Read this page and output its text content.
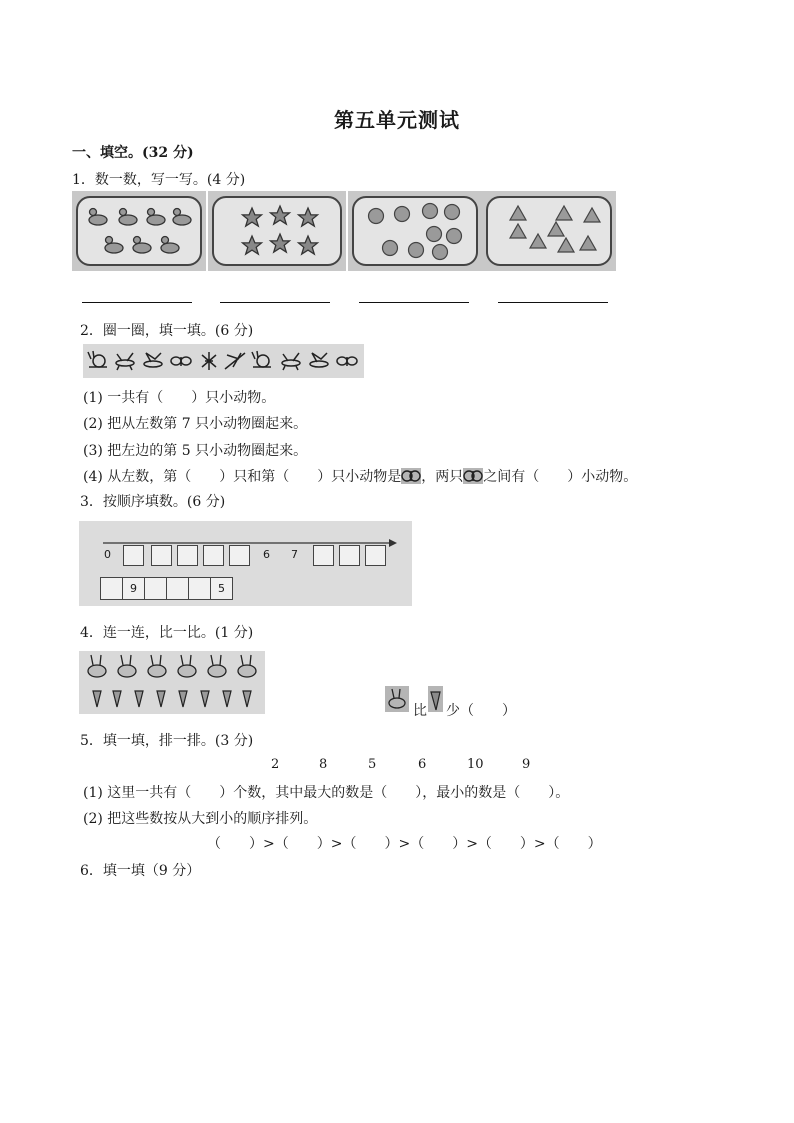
第五单元测试
一、填空。(32 分)
1．数一数，写一写。(4 分)
2．圈一圈，填一填。(6 分)
(1) 一共有（　　）只小动物。
(2) 把从左数第 7 只小动物圈起来。
(3) 把左边的第 5 只小动物圈起来。
(4) 从左数，第（　　）只和第（　　）只小动物是 ，两只 之间有（　　）小动物。
3．按顺序填数。(6 分)
0	6 7
9	5
4．连一连，比一比。(1 分)
比 少（　　）
5．填一填，排一排。(3 分)
2	8	5	6	10	9
(1) 这里一共有（　　）个数，其中最大的数是（　　），最小的数是（　　）。
(2) 把这些数按从大到小的顺序排列。
（　　）>（　　）>（　　）>（　　）>（　　）>（　　）
6．填一填（9 分）
